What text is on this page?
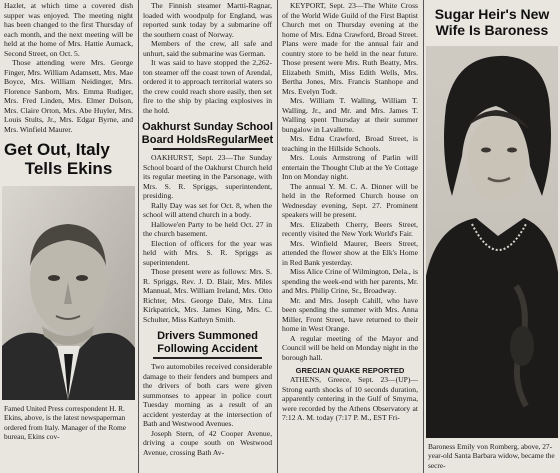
Hazlet, at which time a covered dish supper was enjoyed. The meeting night has been changed to the first Thursday of each month, and the next meeting will be held at the home of Mrs. Hattie Aumack, Second Street, on Oct. 5.

Those attending were Mrs. George Finger, Mrs. William Adamsett, Mrs. Mae Boyce, Mrs. William Neidinger, Mrs. Florence Sanborn, Mrs. Emma Rudiger, Mrs. Fred Linden, Mrs. Elmer Dolson, Mrs. Claire Orton, Mrs. Abe Huyler, Mrs. Louis Stults, Jr., Mrs. Edgar Byrne, and Mrs. Winfield Maurer.

Get Out, Italy
Tells Ekins

Famed United Press correspondent H. R. Ekins, above, is the latest newspaperman ordered from Italy. Manager of the Rome bureau, Ekins cov-

The Finnish steamer Martti-Ragnar, loaded with woodpulp for England, was reported sunk today by a submarine off the southern coast of Norway.

Members of the crew, all safe and unhurt, said the submarine was German.

It was said to have stopped the 2,262-ton steamer off the coast town of Arendal, ordered it to approach territorial waters so the crew could reach shore easily, then set fire to the ship by placing explosives in the hold.

Oakhurst Sunday School Board HoldsRegularMeet

OAKHURST, Sept. 23—The Sunday School board of the Oakhurst Church held its regular meeting in the Parsonage, with Mrs. S. R. Spriggs, superintendent, presiding.

Rally Day was set for Oct. 8, when the school will attend church in a body.

Hallowe'en Party to be held Oct. 27 in the church basement.

Election of officers for the year was held with Mrs. S. R. Spriggs as superintendent.

Those present were as follows: Mrs. S. R. Spriggs, Rev. J. D. Blair, Mrs. Miles Mannual, Mrs. William Ireland, Mrs. Otto Richter, Mrs. George Dale, Mrs. Lina Kirkpatrick, Mrs. James King, Mrs. C. Schulter, Miss Kathryn Smith.

Drivers Summoned Following Accident

Two automobiles received considerable damage to their fenders and bumpers and the drivers of both cars were given summonses to appear in police court Tuesday morning as a result of an accident yesterday at the intersection of Bath and Westwood Avenues.

Joseph Stern, of 42 Cooper Avenue, driving a coupe south on Westwood Avenue, crossing Bath Av-

KEYPORT, Sept. 23—The White Cross of the World Wide Guild of the First Baptist Church met on Thursday evening at the home of Mrs. Edna Crawford, Broad Street. Plans were made for the annual fair and country store to be held in the near future. Those present were Mrs. Ruth Beatty, Mrs. Elizabeth Smith, Miss Edith Wells, Mrs. Bertha Jones, Mrs. Francis Stanhope and Mrs. Evelyn Todt.

Mrs. William T. Walling, William T. Walling, Jr., and Mr. and Mrs. James T. Walling spent Thursday at their summer bungalow in Lavallette.

Mrs. Edna Crawford, Broad Street, is teaching in the Hillside Schools.

Mrs. Louis Armstrong of Parlin will entertain the Thought Club at the Ye Cottage Inn on Monday night.

The annual Y. M. C. A. Dinner will be held in the Reformed Church house on Wednesday evening, Sept. 27. Prominent speakers will be present.

Mrs. Elizabeth Cherry, Beers Street, recently visited the New York World's Fair.

Mrs. Winfield Maurer, Beers Street, attended the flower show at the Elk's Home in Red Bank yesterday.

Miss Alice Crine of Wilmington, Dela., is spending the week-end with her parents, Mr. and Mrs. Philip Crine, Sr., Broadway.

Mr. and Mrs. Joseph Cahill, who have been spending the summer with Mrs. Anna Miller, Front Street, have returned to their home in West Orange.

A regular meeting of the Mayor and Council will be held on Monday night in the borough hall.

GRECIAN QUAKE REPORTED

ATHENS, Greece, Sept. 23—(UP)—Strong earth shocks of 10 seconds duration, apparently centering in the Gulf of Smyrna, were recorded by the Athens Observatory at 7:12 A. M. today (7:17 P. M., EST Fri-

Sugar Heir's New
Wife Is Baroness

Baroness Emily von Romberg, above, 27-year-old Santa Barbara widow, became the secre-
